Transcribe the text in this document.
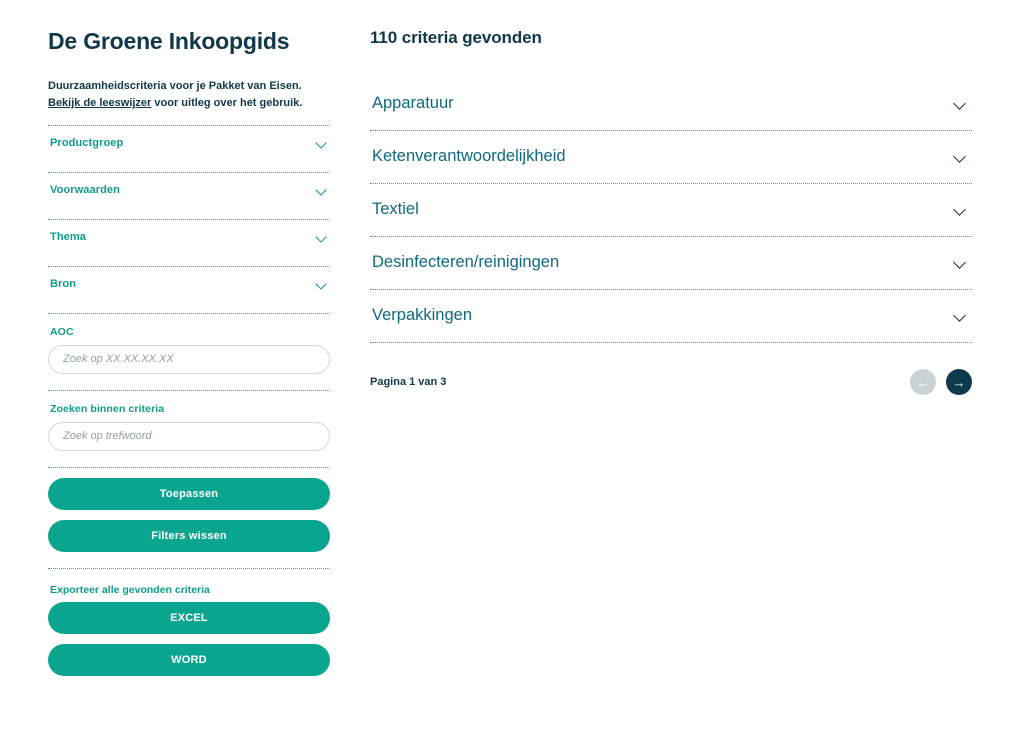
De Groene Inkoopgids

Duurzaamheidscriteria voor je Pakket van Eisen. Bekijk de leeswijzer voor uitleg over het gebruik.

Productgroep
Voorwaarden
Thema
Bron
AOC
Zoek op XX.XX.XX.XX
Zoeken binnen criteria
Zoek op trefwoord
Toepassen
Filters wissen
Exporteer alle gevonden criteria
EXCEL
WORD
110 criteria gevonden
Apparatuur
Ketenverantwoordelijkheid
Textiel
Desinfecteren/reinigingen
Verpakkingen
Pagina 1 van 3	←	→
